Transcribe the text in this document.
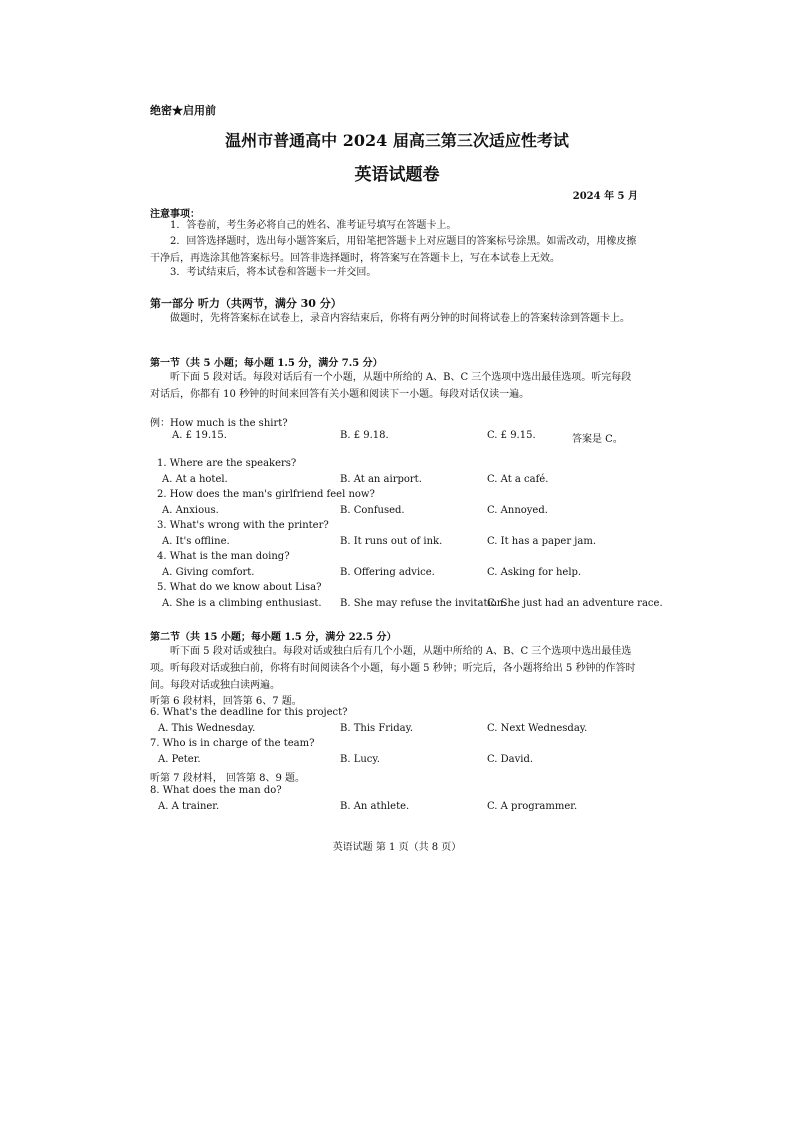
绝密★启用前
温州市普通高中 2024 届高三第三次适应性考试
英语试题卷
2024 年 5 月
注意事项：
1．答卷前，考生务必将自己的姓名、准考证号填写在答题卡上。
2．回答选择题时，选出每小题答案后，用铅笔把答题卡上对应题目的答案标号涂黑。如需改动，用橡皮擦干净后，再选涂其他答案标号。回答非选择题时，将答案写在答题卡上，写在本试卷上无效。
3．考试结束后，将本试卷和答题卡一并交回。
第一部分 听力（共两节，满分 30 分）
做题时，先将答案标在试卷上，录音内容结束后，你将有两分钟的时间将试卷上的答案转涂到答题卡上。
第一节（共 5 小题；每小题 1.5 分，满分 7.5 分）
听下面 5 段对话。每段对话后有一个小题，从题中所给的 A、B、C 三个选项中选出最佳选项。听完每段对话后，你都有 10 秒钟的时间来回答有关小题和阅读下一小题。每段对话仅读一遍。
例：How much is the shirt?
A. £ 19.15.	B. £ 9.18.	C. £ 9.15.	答案是 C。
1. Where are the speakers?
A. At a hotel.	B. At an airport.	C. At a café.
2. How does the man's girlfriend feel now?
A. Anxious.	B. Confused.	C. Annoyed.
3. What's wrong with the printer?
A. It's offline.	B. It runs out of ink.	C. It has a paper jam.
4. What is the man doing?
A. Giving comfort.	B. Offering advice.	C. Asking for help.
5. What do we know about Lisa?
A. She is a climbing enthusiast. B. She may refuse the invitation.
C. She just had an adventure race.
第二节（共 15 小题；每小题 1.5 分，满分 22.5 分）
听下面 5 段对话或独白。每段对话或独白后有几个小题，从题中所给的 A、B、C 三个选项中选出最佳选项。听每段对话或独白前，你将有时间阅读各个小题，每小题 5 秒钟；听完后，各小题将给出 5 秒钟的作答时间。每段对话或独白读两遍。
听第 6 段材料，回答第 6、7 题。
6. What's the deadline for this project?
A. This Wednesday.	B. This Friday.	C. Next Wednesday.
7. Who is in charge of the team?
A. Peter.	B. Lucy.	C. David.
听第 7 段材料， 回答第 8、9 题。
8. What does the man do?
A. A trainer.	B. An athlete.	C. A programmer.
英语试题 第 1 页（共 8 页）
